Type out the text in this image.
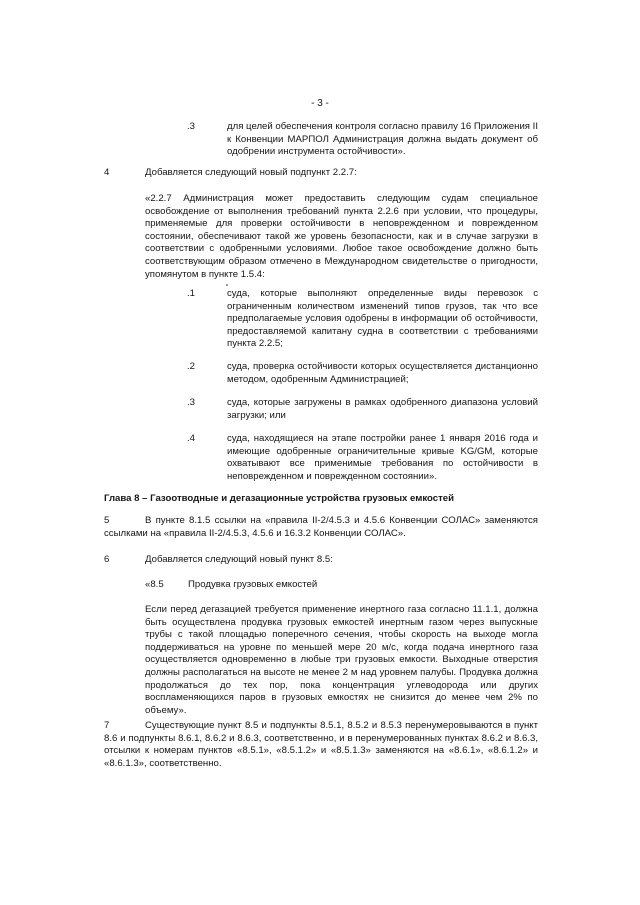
- 3 -
.3	для целей обеспечения контроля согласно правилу 16 Приложения II к Конвенции МАРПОЛ Администрация должна выдать документ об одобрении инструмента остойчивости».
4	Добавляется следующий новый подпункт 2.2.7:
«2.2.7 Администрация может предоставить следующим судам специальное освобождение от выполнения требований пункта 2.2.6 при условии, что процедуры, применяемые для проверки остойчивости в неповрежденном и поврежденном состоянии, обеспечивают такой же уровень безопасности, как и в случае загрузки в соответствии с одобренными условиями. Любое такое освобождение должно быть соответствующим образом отмечено в Международном свидетельстве о пригодности, упомянутом в пункте 1.5.4:
.1	суда, которые выполняют определенные виды перевозок с ограниченным количеством изменений типов грузов, так что все предполагаемые условия одобрены в информации об остойчивости, предоставляемой капитану судна в соответствии с требованиями пункта 2.2.5;
.2	суда, проверка остойчивости которых осуществляется дистанционно методом, одобренным Администрацией;
.3	суда, которые загружены в рамках одобренного диапазона условий загрузки; или
.4	суда, находящиеся на этапе постройки ранее 1 января 2016 года и имеющие одобренные ограничительные кривые KG/GM, которые охватывают все применимые требования по остойчивости в неповрежденном и поврежденном состоянии».
Глава 8 – Газоотводные и дегазационные устройства грузовых емкостей
5	В пункте 8.1.5 ссылки на «правила II-2/4.5.3 и 4.5.6 Конвенции СОЛАС» заменяются ссылками на «правила II-2/4.5.3, 4.5.6 и 16.3.2 Конвенции СОЛАС».
6	Добавляется следующий новый пункт 8.5:
«8.5	Продувка грузовых емкостей
Если перед дегазацией требуется применение инертного газа согласно 11.1.1, должна быть осуществлена продувка грузовых емкостей инертным газом через выпускные трубы с такой площадью поперечного сечения, чтобы скорость на выходе могла поддерживаться на уровне по меньшей мере 20 м/с, когда подача инертного газа осуществляется одновременно в любые три грузовых емкости. Выходные отверстия должны располагаться на высоте не менее 2 м над уровнем палубы. Продувка должна продолжаться до тех пор, пока концентрация углеводорода или других воспламеняющихся паров в грузовых емкостях не снизится до менее чем 2% по объему».
7	Существующие пункт 8.5 и подпункты 8.5.1, 8.5.2 и 8.5.3 перенумеровываются в пункт 8.6 и подпункты 8.6.1, 8.6.2 и 8.6.3, соответственно, и в перенумерованных пунктах 8.6.2 и 8.6.3, отсылки к номерам пунктов «8.5.1», «8.5.1.2» и «8.5.1.3» заменяются на «8.6.1», «8.6.1.2» и «8.6.1.3», соответственно.
